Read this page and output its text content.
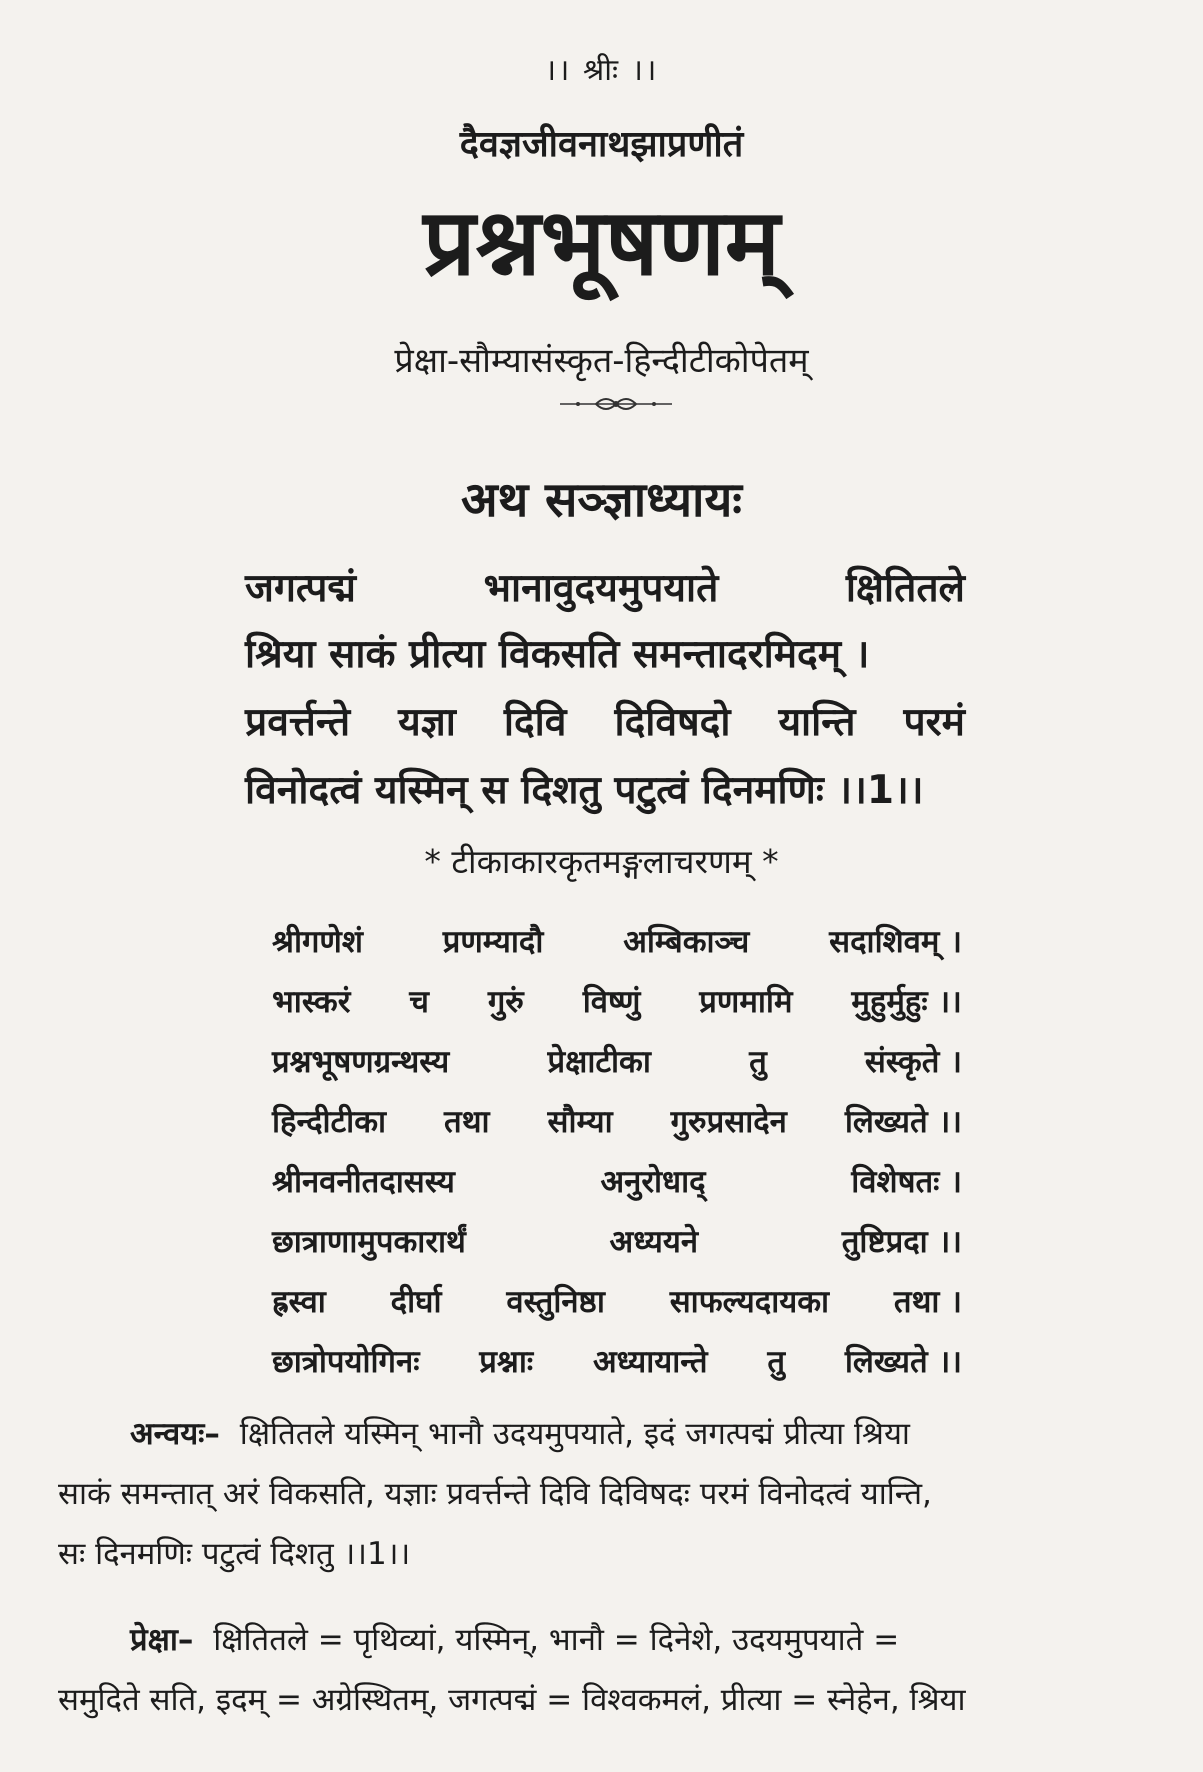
।। श्रीः ।।
दैवज्ञजीवनाथझाप्रणीतं
प्रश्नभूषणम्
प्रेक्षा-सौम्यासंस्कृत-हिन्दीटीकोपेतम्
अथ सञ्ज्ञाध्यायः
जगत्पद्मं	भानावुदयमुपयाते	क्षितितले
श्रिया साकं प्रीत्या विकसति समन्तादरमिदम् ।
प्रवर्त्तन्ते यज्ञा दिवि दिविषदो यान्ति परमं
विनोदत्वं यस्मिन् स दिशतु पटुत्वं दिनमणिः ।।1।।
* टीकाकारकृतमङ्गलाचरणम् *
श्रीगणेशं	प्रणम्यादौ	अम्बिकाञ्च	सदाशिवम् ।
भास्करं च गुरुं विष्णुं प्रणमामि मुहुर्मुहुः ।।
प्रश्नभूषणग्रन्थस्य	प्रेक्षाटीका	तु	संस्कृते ।
हिन्दीटीका तथा सौम्या गुरुप्रसादेन लिख्यते ।।
श्रीनवनीतदासस्य	अनुरोधाद्	विशेषतः ।
छात्राणामुपकारार्थं	अध्ययने	तुष्टिप्रदा ।।
ह्रस्वा दीर्घा वस्तुनिष्ठा साफल्यदायका तथा ।
छात्रोपयोगिनः प्रश्नाः अध्यायान्ते तु लिख्यते ।।
अन्वयः– क्षितितले यस्मिन् भानौ उदयमुपयाते, इदं जगत्पद्मं प्रीत्या श्रिया
साकं समन्तात् अरं विकसति, यज्ञाः प्रवर्त्तन्ते दिवि दिविषदः परमं विनोदत्वं यान्ति,
सः दिनमणिः पटुत्वं दिशतु ।।1।।
प्रेक्षा– क्षितितले = पृथिव्यां, यस्मिन्, भानौ = दिनेशे, उदयमुपयाते =
समुदिते सति, इदम् = अग्रेस्थितम्, जगत्पद्मं = विश्वकमलं, प्रीत्या = स्नेहेन, श्रिया
